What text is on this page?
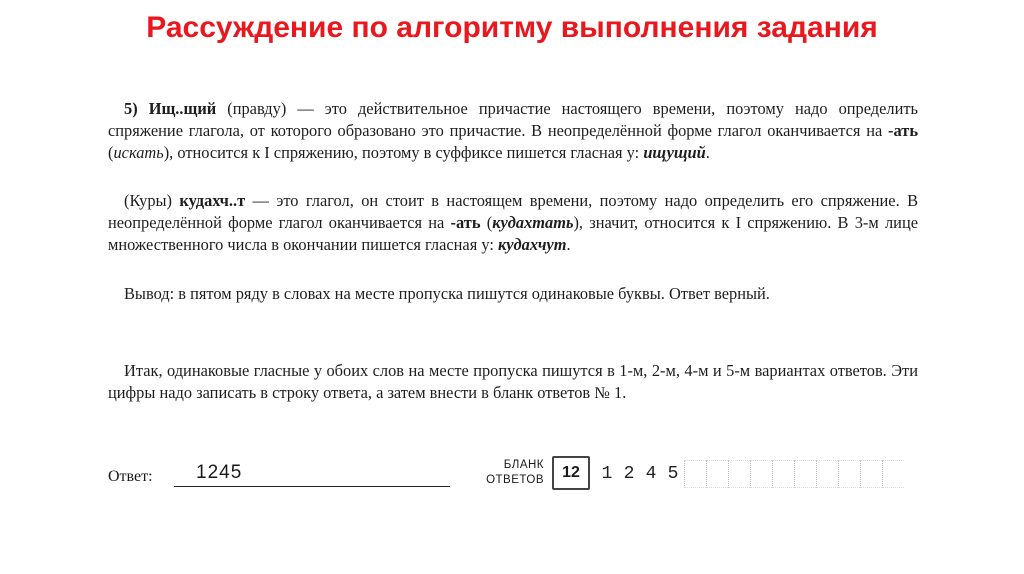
Рассуждение по алгоритму выполнения задания

5) Ищ..щий (правду) — это действительное причастие настоящего времени, поэтому надо определить спряжение глагола, от которого образовано это причастие. В неопределённой форме глагол оканчивается на -ать (искать), относится к I спряжению, поэтому в суффиксе пишется гласная у: ищущий.

(Куры) кудахч..т — это глагол, он стоит в настоящем времени, поэтому надо определить его спряжение. В неопределённой форме глагол оканчивается на -ать (кудахтать), значит, относится к I спряжению. В 3-м лице множественного числа в окончании пишется гласная у: кудахчут.

Вывод: в пятом ряду в словах на месте пропуска пишутся одинаковые буквы. Ответ верный.

Итак, одинаковые гласные у обоих слов на месте пропуска пишутся в 1-м, 2-м, 4-м и 5-м вариантах ответов. Эти цифры надо записать в строку ответа, а затем внести в бланк ответов № 1.

Ответ: 1245	БЛАНК
ОТВЕТОВ	12	1 2 4 5
